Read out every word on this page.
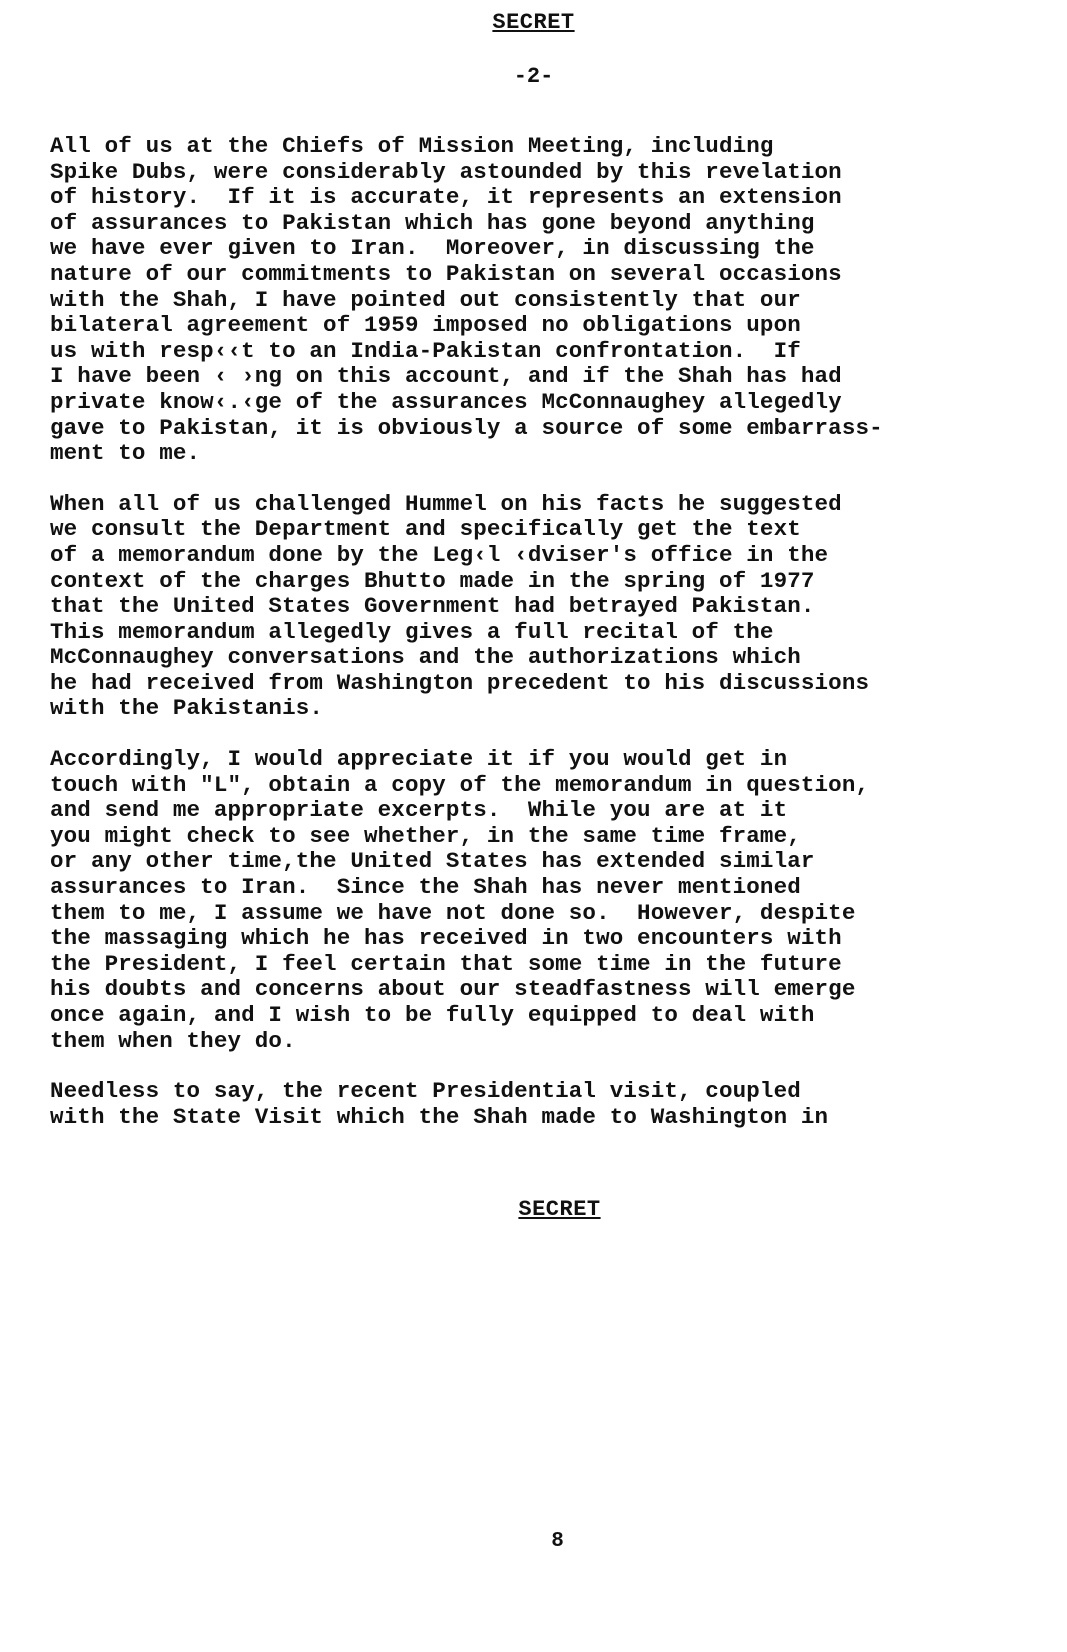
SECRET
-2-
All of us at the Chiefs of Mission Meeting, including
Spike Dubs, were considerably astounded by this revelation
of history.  If it is accurate, it represents an extension
of assurances to Pakistan which has gone beyond anything
we have ever given to Iran.  Moreover, in discussing the
nature of our commitments to Pakistan on several occasions
with the Shah, I have pointed out consistently that our
bilateral agreement of 1959 imposed no obligations upon
us with resp‹‹t to an India-Pakistan confrontation.  If
I have been ‹ ›ng on this account, and if the Shah has had
private know‹.‹ge of the assurances McConnaughey allegedly
gave to Pakistan, it is obviously a source of some embarrass-
ment to me.
When all of us challenged Hummel on his facts he suggested
we consult the Department and specifically get the text
of a memorandum done by the Leg‹l ‹dviser's office in the
context of the charges Bhutto made in the spring of 1977
that the United States Government had betrayed Pakistan.
This memorandum allegedly gives a full recital of the
McConnaughey conversations and the authorizations which
he had received from Washington precedent to his discussions
with the Pakistanis.
Accordingly, I would appreciate it if you would get in
touch with "L", obtain a copy of the memorandum in question,
and send me appropriate excerpts.  While you are at it
you might check to see whether, in the same time frame,
or any other time,the United States has extended similar
assurances to Iran.  Since the Shah has never mentioned
them to me, I assume we have not done so.  However, despite
the massaging which he has received in two encounters with
the President, I feel certain that some time in the future
his doubts and concerns about our steadfastness will emerge
once again, and I wish to be fully equipped to deal with
them when they do.
Needless to say, the recent Presidential visit, coupled
with the State Visit which the Shah made to Washington in
SECRET
8
